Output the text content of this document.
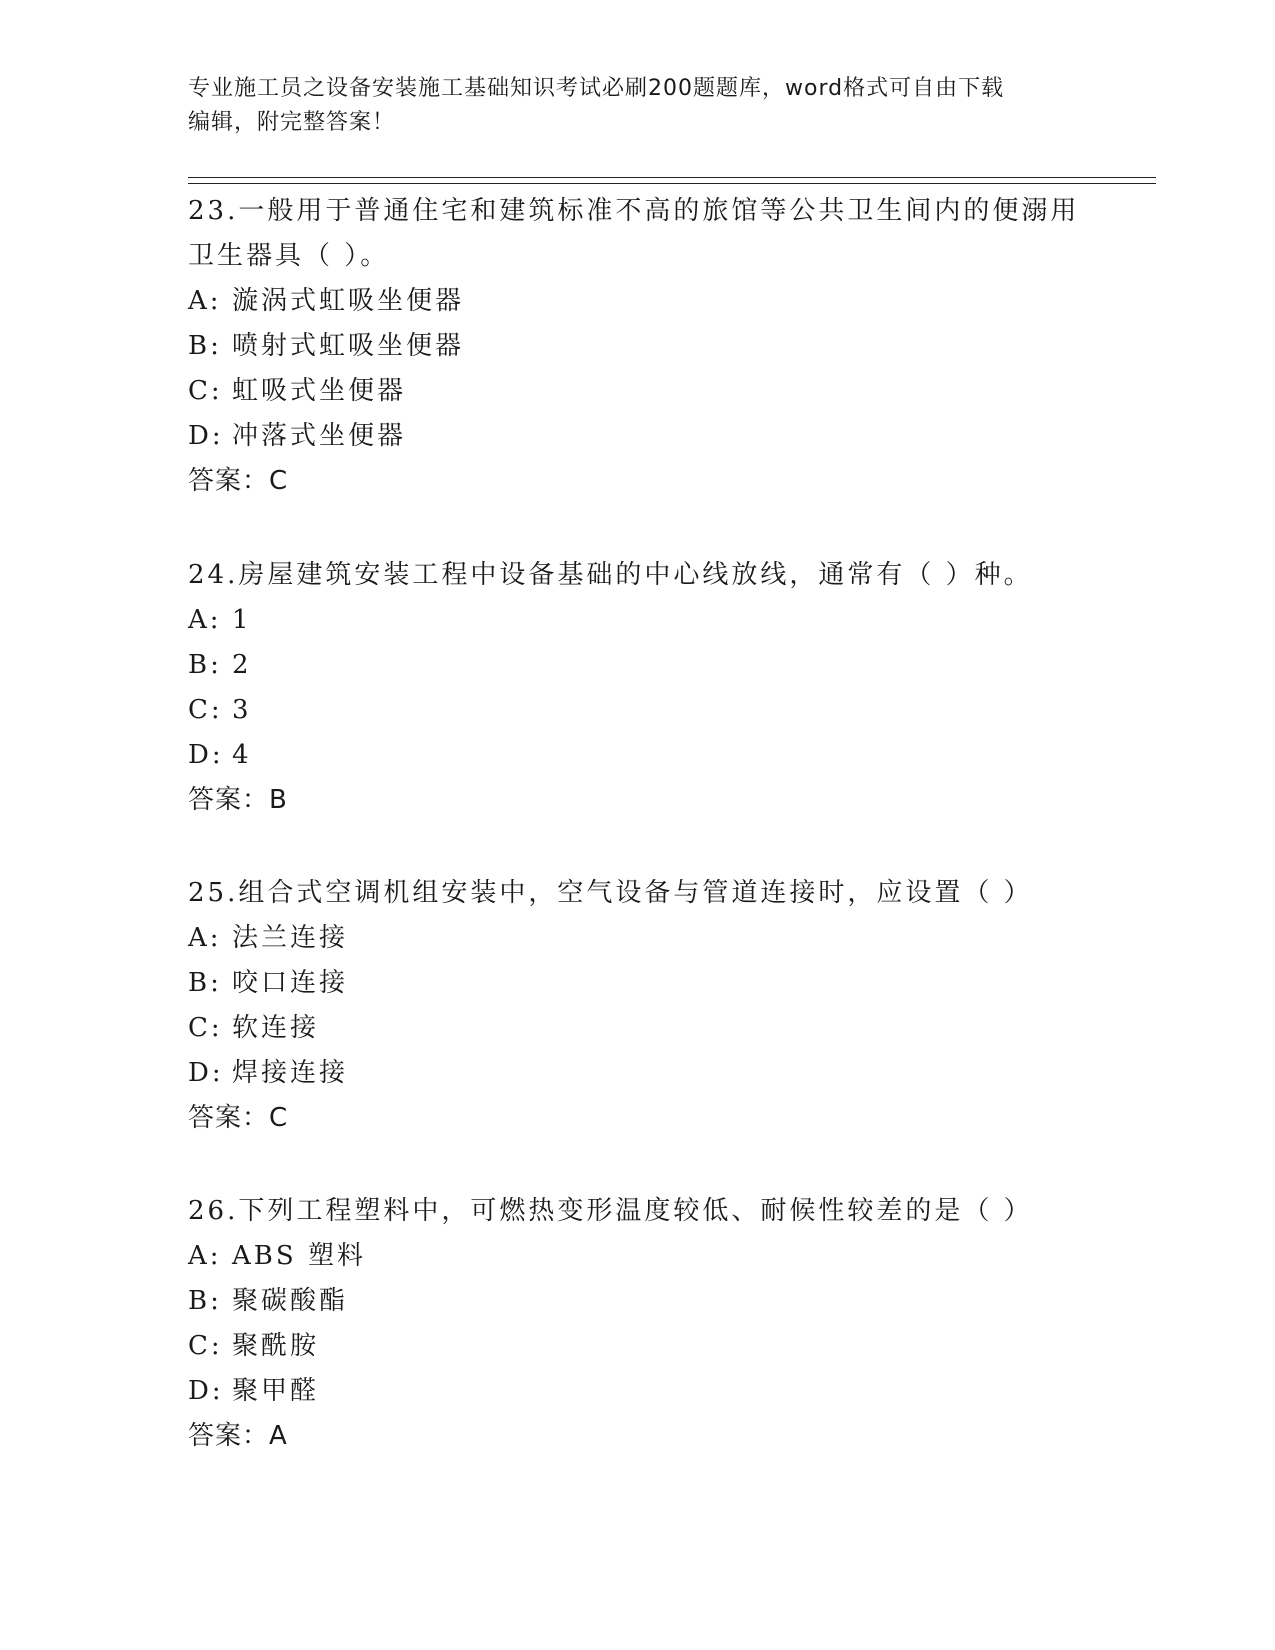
专业施工员之设备安装施工基础知识考试必刷200题题库，word格式可自由下载
编辑，附完整答案！
23.一般用于普通住宅和建筑标准不高的旅馆等公共卫生间内的便溺用
卫生器具（ ）。
A: 漩涡式虹吸坐便器
B: 喷射式虹吸坐便器
C: 虹吸式坐便器
D: 冲落式坐便器
答案：C
24.房屋建筑安装工程中设备基础的中心线放线，通常有（ ）种。
A: 1
B: 2
C: 3
D: 4
答案：B
25.组合式空调机组安装中，空气设备与管道连接时，应设置（ ）
A: 法兰连接
B: 咬口连接
C: 软连接
D: 焊接连接
答案：C
26.下列工程塑料中，可燃热变形温度较低、耐候性较差的是（ ）
A: ABS 塑料
B: 聚碳酸酯
C: 聚酰胺
D: 聚甲醛
答案：A
